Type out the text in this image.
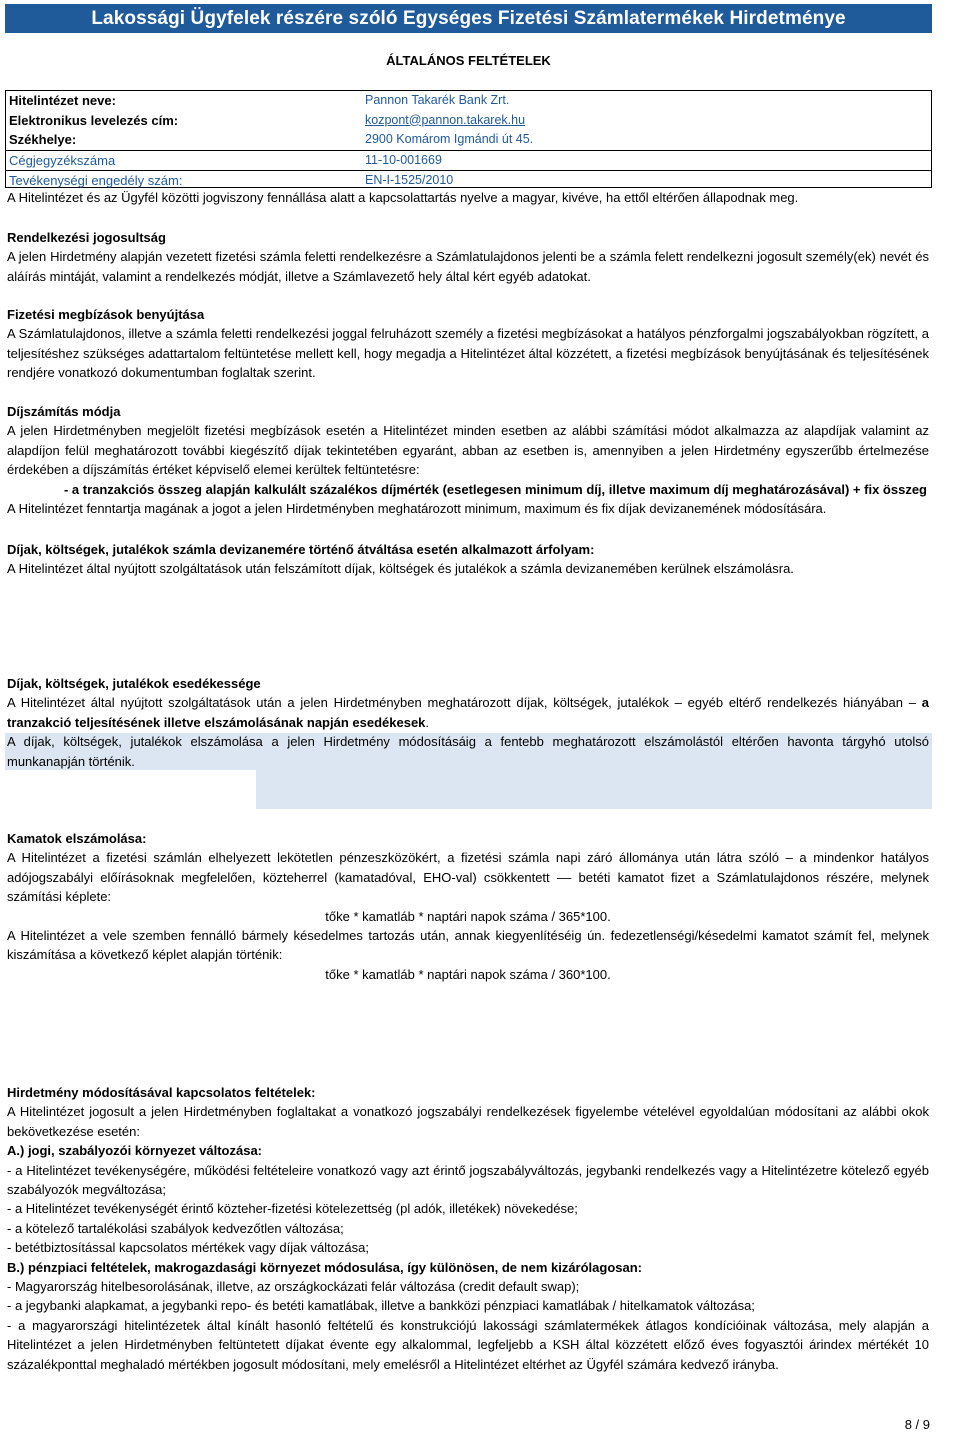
Lakossági Ügyfelek részére szóló Egységes Fizetési Számlatermékek Hirdetménye
ÁLTALÁNOS FELTÉTELEK
Hitelintézet neve:	Pannon Takarék Bank Zrt.
Elektronikus levelezés cím:	kozpont@pannon.takarek.hu
Székhelye:	2900 Komárom Igmándi út 45.
Cégjegyzékszáma	11-10-001669
Tevékenységi engedély szám:	EN-I-1525/2010
A Hitelintézet és az Ügyfél közötti jogviszony fennállása alatt a kapcsolattartás nyelve a magyar, kivéve, ha ettől eltérően állapodnak meg.

Rendelkezési jogosultság

A jelen Hirdetmény alapján vezetett fizetési számla feletti rendelkezésre a Számlatulajdonos jelenti be a számla felett rendelkezni jogosult személy(ek) nevét és aláírás mintáját, valamint a rendelkezés módját, illetve a Számlavezető hely által kért egyéb adatokat.

Fizetési megbízások benyújtása

A Számlatulajdonos, illetve a számla feletti rendelkezési joggal felruházott személy a fizetési megbízásokat a hatályos pénzforgalmi jogszabályokban rögzített, a teljesítéshez szükséges adattartalom feltüntetése mellett kell, hogy megadja a Hitelintézet által közzétett, a fizetési megbízások benyújtásának és teljesítésének rendjére vonatkozó dokumentumban foglaltak szerint.

Díjszámítás módja

A jelen Hirdetményben megjelölt fizetési megbízások esetén a Hitelintézet minden esetben az alábbi számítási módot alkalmazza az alapdíjak valamint az alapdíjon felül meghatározott további kiegészítő díjak tekintetében egyaránt, abban az esetben is, amennyiben a jelen Hirdetmény egyszerűbb értelmezése érdekében a díjszámítás értéket képviselő elemei kerültek feltüntetésre:

- a tranzakciós összeg alapján kalkulált százalékos díjmérték (esetlegesen minimum díj, illetve maximum díj meghatározásával) + fix összeg

A Hitelintézet fenntartja magának a jogot a jelen Hirdetményben meghatározott minimum, maximum és fix díjak devizanemének módosítására.

Díjak, költségek, jutalékok számla devizanemére történő átváltása esetén alkalmazott árfolyam:

A Hitelintézet által nyújtott szolgáltatások után felszámított díjak, költségek és jutalékok a számla devizanemében kerülnek elszámolásra.

Díjak, költségek, jutalékok esedékessége

A Hitelintézet által nyújtott szolgáltatások után a jelen Hirdetményben meghatározott díjak, költségek, jutalékok – egyéb eltérő rendelkezés hiányában – a tranzakció teljesítésének illetve elszámolásának napján esedékesek.

A díjak, költségek, jutalékok elszámolása a jelen Hirdetmény módosításáig a fentebb meghatározott elszámolástól eltérően havonta tárgyhó utolsó munkanapján történik.

Kamatok elszámolása:

A Hitelintézet a fizetési számlán elhelyezett lekötetlen pénzeszközökért, a fizetési számla napi záró állománya után látra szóló – a mindenkor hatályos adójogszabályi előírásoknak megfelelően, közteherrel (kamatadóval, EHO-val) csökkentett –– betéti kamatot fizet a Számlatulajdonos részére, melynek számítási képlete:

tőke * kamatláb * naptári napok száma / 365*100.

A Hitelintézet a vele szemben fennálló bármely késedelmes tartozás után, annak kiegyenlítéséig ún. fedezetlenségi/késedelmi kamatot számít fel, melynek kiszámítása a következő képlet alapján történik:

tőke * kamatláb * naptári napok száma / 360*100.

Hirdetmény módosításával kapcsolatos feltételek:

A Hitelintézet jogosult a jelen Hirdetményben foglaltakat a vonatkozó jogszabályi rendelkezések figyelembe vételével egyoldalúan módosítani az alábbi okok bekövetkezése esetén:

A.) jogi, szabályozói környezet változása:

- a Hitelintézet tevékenységére, működési feltételeire vonatkozó vagy azt érintő jogszabályváltozás, jegybanki rendelkezés vagy a Hitelintézetre kötelező egyéb szabályozók megváltozása;

- a Hitelintézet tevékenységét érintő közteher-fizetési kötelezettség (pl adók, illetékek) növekedése;

- a kötelező tartalékolási szabályok kedvezőtlen változása;

- betétbiztosítással kapcsolatos mértékek vagy díjak változása;

B.) pénzpiaci feltételek, makrogazdasági környezet módosulása, így különösen, de nem kizárólagosan:

- Magyarország hitelbesorolásának, illetve, az országkockázati felár változása (credit default swap);

- a jegybanki alapkamat, a jegybanki repo- és betéti kamatlábak, illetve a bankközi pénzpiaci kamatlábak / hitelkamatok változása;

- a magyarországi hitelintézetek által kínált hasonló feltételű és konstrukciójú lakossági számlatermékek átlagos kondícióinak változása, mely alapján a Hitelintézet a jelen Hirdetményben feltüntetett díjakat évente egy alkalommal, legfeljebb a KSH által közzétett előző éves fogyasztói árindex mértékét 10 százalékponttal meghaladó mértékben jogosult módosítani, mely emelésről a Hitelintézet eltérhet az Ügyfél számára kedvező irányba.

8 / 9
